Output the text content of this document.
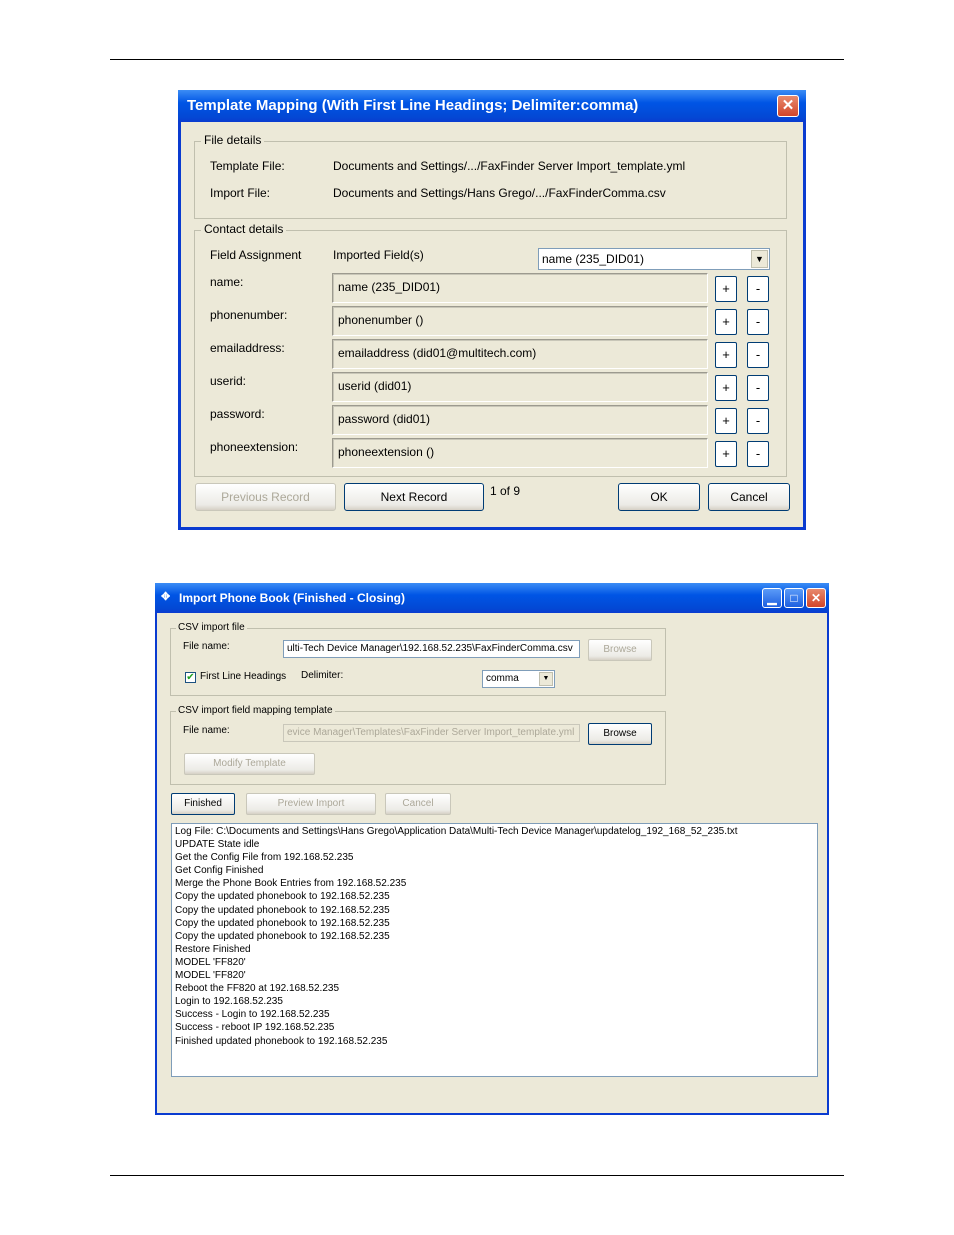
Template Mapping (With First Line Headings; Delimiter:comma)	✕
File details
Template File:	Documents and Settings/.../FaxFinder Server Import_template.yml
Import File:	Documents and Settings/Hans Grego/.../FaxFinderComma.csv
Contact details
Field Assignment	Imported Field(s)	name (235_DID01)	▼
name:	name (235_DID01)	+	-
phonenumber:	phonenumber ()	+	-
emailaddress:	emailaddress (did01@multitech.com)	+	-
userid:	userid (did01)	+	-
password:	password (did01)	+	-
phoneextension:	phoneextension ()	+	-
Previous Record	Next Record	1 of 9	OK	Cancel
✥ Import Phone Book (Finished - Closing)	▁	□	✕
CSV import file
File name:	ulti-Tech Device Manager\192.168.52.235\FaxFinderComma.csv	Browse
✔ First Line Headings Delimiter:	comma	▼
CSV import field mapping template
File name:	evice Manager\Templates\FaxFinder Server Import_template.yml	Browse
Modify Template
Finished	Preview Import	Cancel
Log File: C:\Documents and Settings\Hans Grego\Application Data\Multi-Tech Device Manager\updatelog_192_168_52_235.txt
UPDATE State idle
Get the Config File from 192.168.52.235
Get Config Finished
Merge the Phone Book Entries from 192.168.52.235
Copy the updated phonebook to 192.168.52.235
Copy the updated phonebook to 192.168.52.235
Copy the updated phonebook to 192.168.52.235
Copy the updated phonebook to 192.168.52.235
Restore Finished
MODEL 'FF820'
MODEL 'FF820'
Reboot the FF820 at 192.168.52.235
Login to 192.168.52.235
Success - Login to 192.168.52.235
Success - reboot IP 192.168.52.235
Finished updated phonebook to 192.168.52.235
